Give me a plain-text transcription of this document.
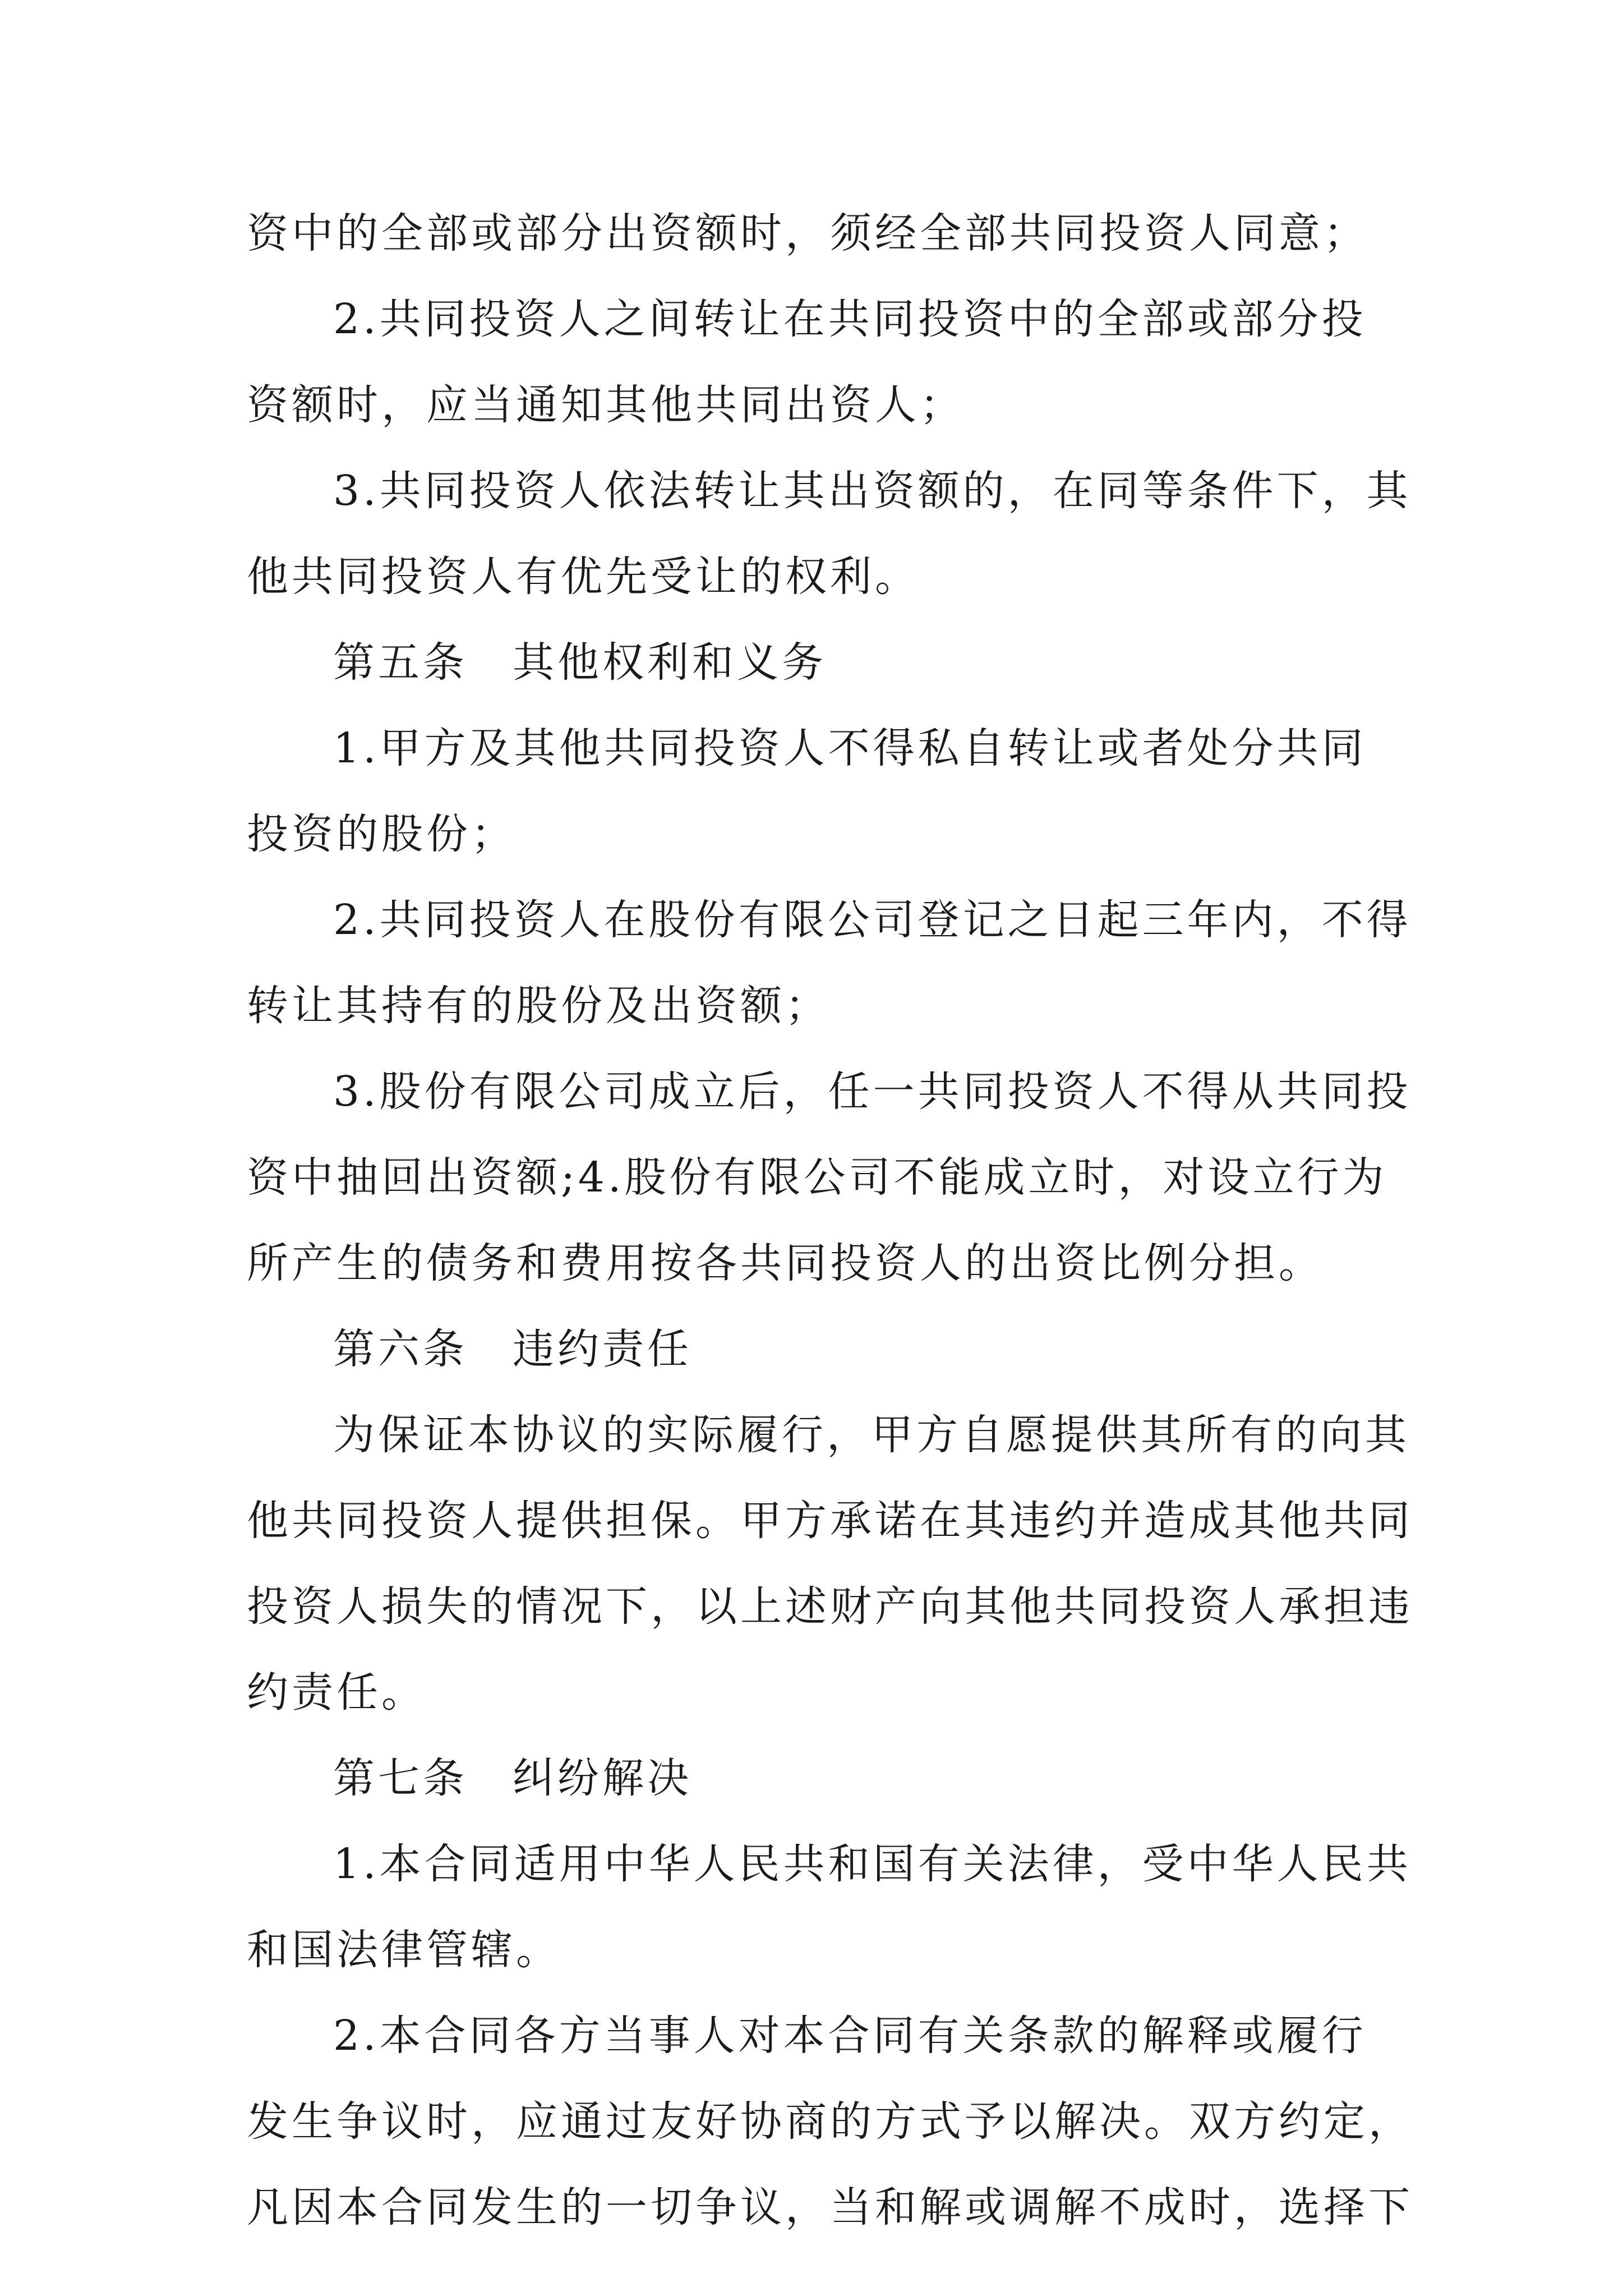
资中的全部或部分出资额时，须经全部共同投资人同意；
2.共同投资人之间转让在共同投资中的全部或部分投
资额时，应当通知其他共同出资人；
3.共同投资人依法转让其出资额的，在同等条件下，其
他共同投资人有优先受让的权利。
第五条　其他权利和义务
1.甲方及其他共同投资人不得私自转让或者处分共同
投资的股份；
2.共同投资人在股份有限公司登记之日起三年内，不得
转让其持有的股份及出资额；
3.股份有限公司成立后，任一共同投资人不得从共同投
资中抽回出资额;4.股份有限公司不能成立时，对设立行为
所产生的债务和费用按各共同投资人的出资比例分担。
第六条　违约责任
为保证本协议的实际履行，甲方自愿提供其所有的向其
他共同投资人提供担保。甲方承诺在其违约并造成其他共同
投资人损失的情况下，以上述财产向其他共同投资人承担违
约责任。
第七条　纠纷解决
1.本合同适用中华人民共和国有关法律，受中华人民共
和国法律管辖。
2.本合同各方当事人对本合同有关条款的解释或履行
发生争议时，应通过友好协商的方式予以解决。双方约定，
凡因本合同发生的一切争议，当和解或调解不成时，选择下
